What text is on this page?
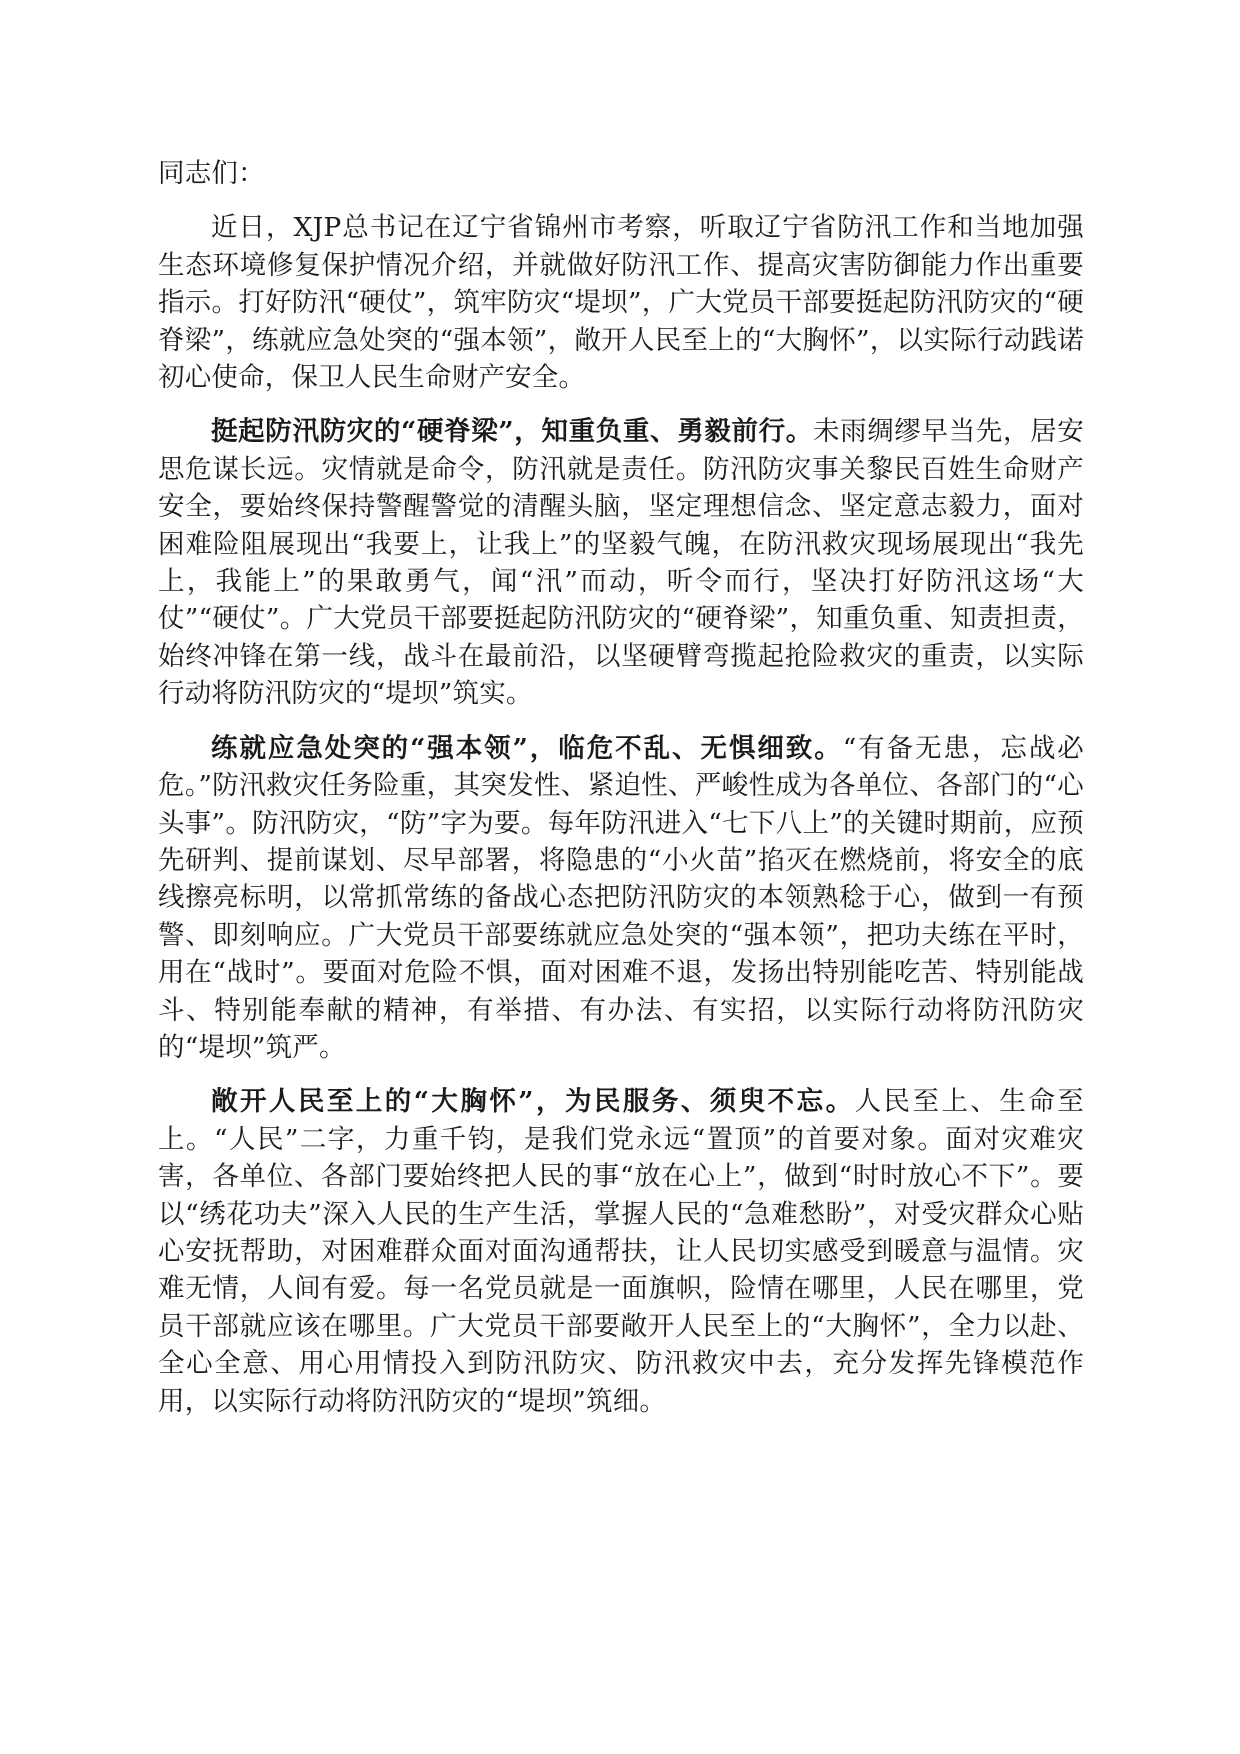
同志们：

近日，XJP总书记在辽宁省锦州市考察，听取辽宁省防汛工作和当地加强生态环境修复保护情况介绍，并就做好防汛工作、提高灾害防御能力作出重要指示。打好防汛“硬仗”，筑牢防灾“堤坝”，广大党员干部要挺起防汛防灾的“硬脊梁”，练就应急处突的“强本领”，敞开人民至上的“大胸怀”，以实际行动践诺初心使命，保卫人民生命财产安全。

挺起防汛防灾的“硬脊梁”，知重负重、勇毅前行。未雨绸缪早当先，居安思危谋长远。灾情就是命令，防汛就是责任。防汛防灾事关黎民百姓生命财产安全，要始终保持警醒警觉的清醒头脑，坚定理想信念、坚定意志毅力，面对困难险阻展现出“我要上，让我上”的坚毅气魄，在防汛救灾现场展现出“我先上，我能上”的果敢勇气，闻“汛”而动，听令而行，坚决打好防汛这场“大仗”“硬仗”。广大党员干部要挺起防汛防灾的“硬脊梁”，知重负重、知责担责，始终冲锋在第一线，战斗在最前沿，以坚硬臂弯揽起抢险救灾的重责，以实际行动将防汛防灾的“堤坝”筑实。

练就应急处突的“强本领”，临危不乱、无惧细致。“有备无患，忘战必危。”防汛救灾任务险重，其突发性、紧迫性、严峻性成为各单位、各部门的“心头事”。防汛防灾，“防”字为要。每年防汛进入“七下八上”的关键时期前，应预先研判、提前谋划、尽早部署，将隐患的“小火苗”掐灭在燃烧前，将安全的底线擦亮标明，以常抓常练的备战心态把防汛防灾的本领熟稔于心，做到一有预警、即刻响应。广大党员干部要练就应急处突的“强本领”，把功夫练在平时，用在“战时”。要面对危险不惧，面对困难不退，发扬出特别能吃苦、特别能战斗、特别能奉献的精神，有举措、有办法、有实招，以实际行动将防汛防灾的“堤坝”筑严。

敞开人民至上的“大胸怀”，为民服务、须臾不忘。人民至上、生命至上。“人民”二字，力重千钧，是我们党永远“置顶”的首要对象。面对灾难灾害，各单位、各部门要始终把人民的事“放在心上”，做到“时时放心不下”。要以“绣花功夫”深入人民的生产生活，掌握人民的“急难愁盼”，对受灾群众心贴心安抚帮助，对困难群众面对面沟通帮扶，让人民切实感受到暖意与温情。灾难无情，人间有爱。每一名党员就是一面旗帜，险情在哪里，人民在哪里，党员干部就应该在哪里。广大党员干部要敞开人民至上的“大胸怀”，全力以赴、全心全意、用心用情投入到防汛防灾、防汛救灾中去，充分发挥先锋模范作用，以实际行动将防汛防灾的“堤坝”筑细。
